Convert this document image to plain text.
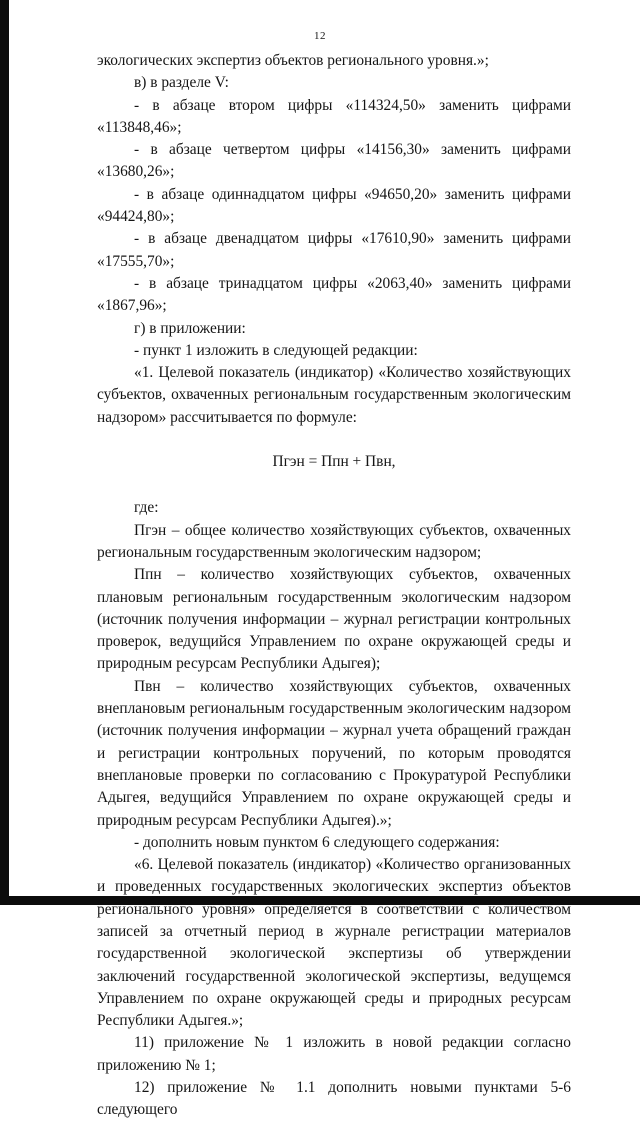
12

экологических экспертиз объектов регионального уровня.»;

в) в разделе V:

- в абзаце втором цифры «114324,50» заменить цифрами «113848,46»;

- в абзаце четвертом цифры «14156,30» заменить цифрами «13680,26»;

- в абзаце одиннадцатом цифры «94650,20» заменить цифрами «94424,80»;

- в абзаце двенадцатом цифры «17610,90» заменить цифрами «17555,70»;

- в абзаце тринадцатом цифры «2063,40» заменить цифрами «1867,96»;

г) в приложении:

- пункт 1 изложить в следующей редакции:

«1. Целевой показатель (индикатор) «Количество хозяйствующих субъектов, охваченных региональным государственным экологическим надзором» рассчитывается по формуле:

Пгэн = Ппн + Пвн,

где:

Пгэн – общее количество хозяйствующих субъектов, охваченных региональным государственным экологическим надзором;

Ппн – количество хозяйствующих субъектов, охваченных плановым региональным государственным экологическим надзором (источник получения информации – журнал регистрации контрольных проверок, ведущийся Управлением по охране окружающей среды и природным ресурсам Республики Адыгея);

Пвн – количество хозяйствующих субъектов, охваченных внеплановым региональным государственным экологическим надзором (источник получения информации – журнал учета обращений граждан и регистрации контрольных поручений, по которым проводятся внеплановые проверки по согласованию с Прокуратурой Республики Адыгея, ведущийся Управлением по охране окружающей среды и природным ресурсам Республики Адыгея).»;

- дополнить новым пунктом 6 следующего содержания:

«6. Целевой показатель (индикатор) «Количество организованных и проведенных государственных экологических экспертиз объектов регионального уровня» определяется в соответствии с количеством записей за отчетный период в журнале регистрации материалов государственной экологической экспертизы об утверждении заключений государственной экологической экспертизы, ведущемся Управлением по охране окружающей среды и природных ресурсам Республики Адыгея.»;

11) приложение № 1 изложить в новой редакции согласно приложению № 1;

12) приложение № 1.1 дополнить новыми пунктами 5-6 следующего
